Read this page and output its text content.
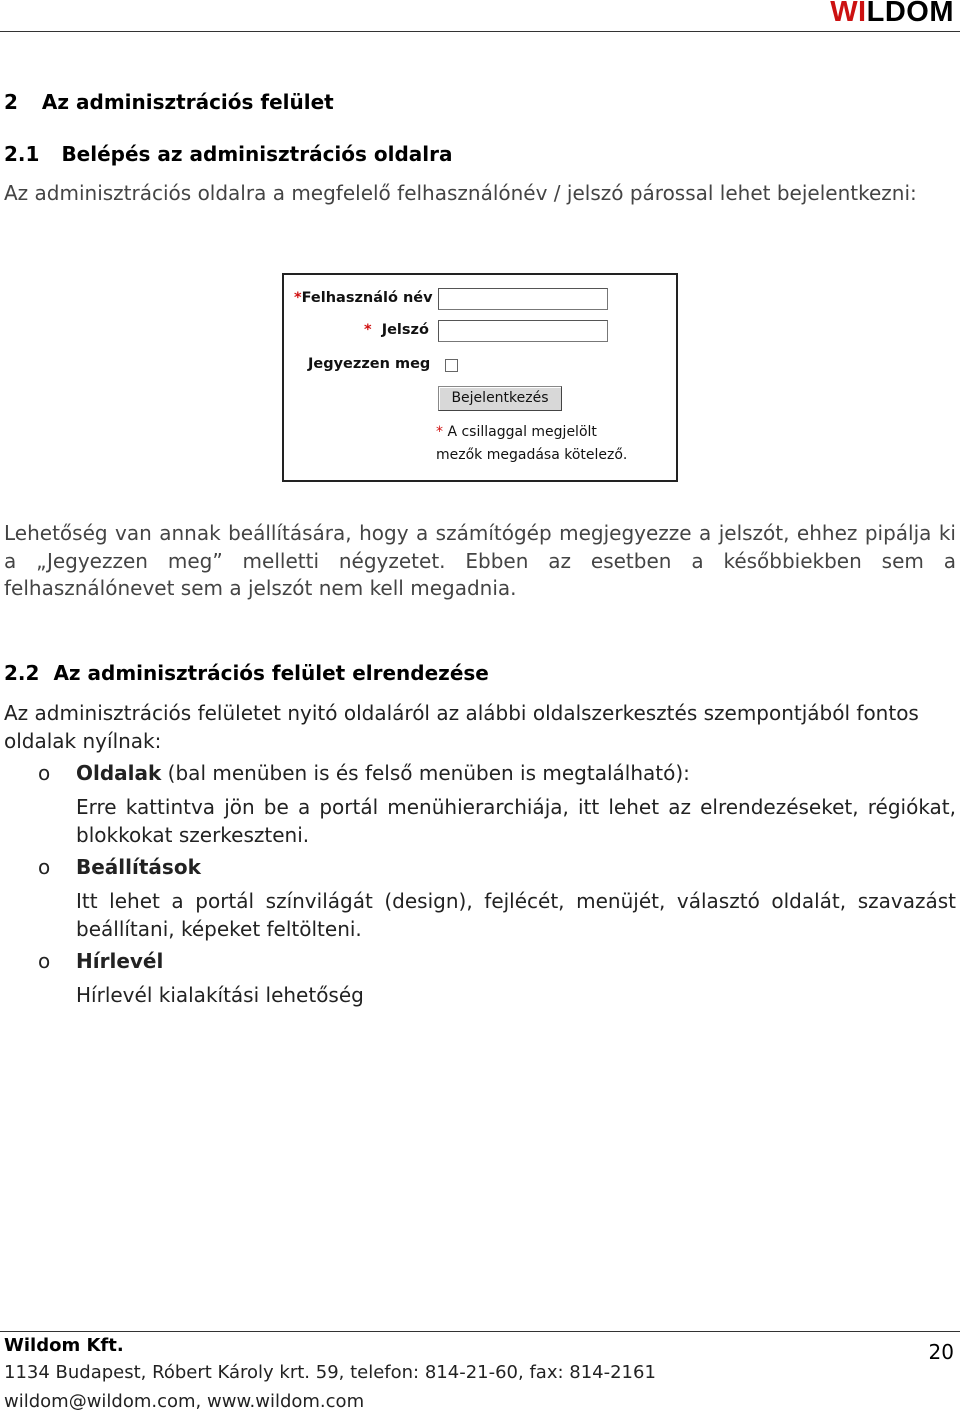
WILDOM
2 Az adminisztrációs felület
2.1 Belépés az adminisztrációs oldalra
Az adminisztrációs oldalra a megfelelő felhasználónév / jelszó párossal lehet bejelentkezni:
*Felhasználó név
* Jelszó
Jegyezzen meg
Bejelentkezés
* A csillaggal megjelölt
mezők megadása kötelező.
Lehetőség van annak beállítására, hogy a számítógép megjegyezze a jelszót, ehhez pipálja ki a „Jegyezzen meg” melletti négyzetet. Ebben az esetben a későbbiekben sem a felhasználónevet sem a jelszót nem kell megadnia.
2.2 Az adminisztrációs felület elrendezése
Az adminisztrációs felületet nyitó oldaláról az alábbi oldalszerkesztés szempontjából fontos oldalak nyílnak:
o Oldalak (bal menüben is és felső menüben is megtalálható):
Erre kattintva jön be a portál menühierarchiája, itt lehet az elrendezéseket, régiókat, blokkokat szerkeszteni.
o Beállítások
Itt lehet a portál színvilágát (design), fejlécét, menüjét, választó oldalát, szavazást beállítani, képeket feltölteni.
o Hírlevél
Hírlevél kialakítási lehetőség
Wildom Kft.	20
1134 Budapest, Róbert Károly krt. 59, telefon: 814-21-60, fax: 814-2161
wildom@wildom.com, www.wildom.com
